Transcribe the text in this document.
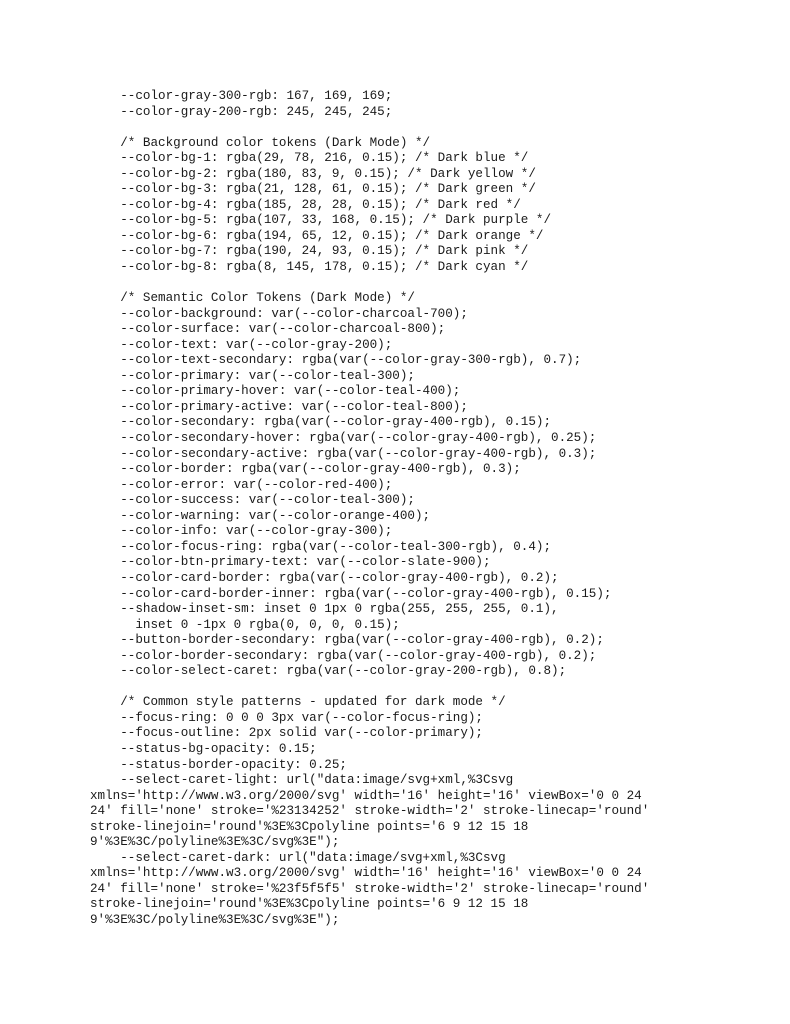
--color-gray-300-rgb: 167, 169, 169;
--color-gray-200-rgb: 245, 245, 245;
/* Background color tokens (Dark Mode) */
--color-bg-1: rgba(29, 78, 216, 0.15); /* Dark blue */
--color-bg-2: rgba(180, 83, 9, 0.15); /* Dark yellow */
--color-bg-3: rgba(21, 128, 61, 0.15); /* Dark green */
--color-bg-4: rgba(185, 28, 28, 0.15); /* Dark red */
--color-bg-5: rgba(107, 33, 168, 0.15); /* Dark purple */
--color-bg-6: rgba(194, 65, 12, 0.15); /* Dark orange */
--color-bg-7: rgba(190, 24, 93, 0.15); /* Dark pink */
--color-bg-8: rgba(8, 145, 178, 0.15); /* Dark cyan */
/* Semantic Color Tokens (Dark Mode) */
--color-background: var(--color-charcoal-700);
--color-surface: var(--color-charcoal-800);
--color-text: var(--color-gray-200);
--color-text-secondary: rgba(var(--color-gray-300-rgb), 0.7);
--color-primary: var(--color-teal-300);
--color-primary-hover: var(--color-teal-400);
--color-primary-active: var(--color-teal-800);
--color-secondary: rgba(var(--color-gray-400-rgb), 0.15);
--color-secondary-hover: rgba(var(--color-gray-400-rgb), 0.25);
--color-secondary-active: rgba(var(--color-gray-400-rgb), 0.3);
--color-border: rgba(var(--color-gray-400-rgb), 0.3);
--color-error: var(--color-red-400);
--color-success: var(--color-teal-300);
--color-warning: var(--color-orange-400);
--color-info: var(--color-gray-300);
--color-focus-ring: rgba(var(--color-teal-300-rgb), 0.4);
--color-btn-primary-text: var(--color-slate-900);
--color-card-border: rgba(var(--color-gray-400-rgb), 0.2);
--color-card-border-inner: rgba(var(--color-gray-400-rgb), 0.15);
--shadow-inset-sm: inset 0 1px 0 rgba(255, 255, 255, 0.1),
inset 0 -1px 0 rgba(0, 0, 0, 0.15);
--button-border-secondary: rgba(var(--color-gray-400-rgb), 0.2);
--color-border-secondary: rgba(var(--color-gray-400-rgb), 0.2);
--color-select-caret: rgba(var(--color-gray-200-rgb), 0.8);
/* Common style patterns - updated for dark mode */
--focus-ring: 0 0 0 3px var(--color-focus-ring);
--focus-outline: 2px solid var(--color-primary);
--status-bg-opacity: 0.15;
--status-border-opacity: 0.25;
--select-caret-light: url("data:image/svg+xml,%3Csvg
xmlns='http://www.w3.org/2000/svg' width='16' height='16' viewBox='0 0 24
24' fill='none' stroke='%23134252' stroke-width='2' stroke-linecap='round'
stroke-linejoin='round'%3E%3Cpolyline points='6 9 12 15 18
9'%3E%3C/polyline%3E%3C/svg%3E");
--select-caret-dark: url("data:image/svg+xml,%3Csvg
xmlns='http://www.w3.org/2000/svg' width='16' height='16' viewBox='0 0 24
24' fill='none' stroke='%23f5f5f5' stroke-width='2' stroke-linecap='round'
stroke-linejoin='round'%3E%3Cpolyline points='6 9 12 15 18
9'%3E%3C/polyline%3E%3C/svg%3E");
